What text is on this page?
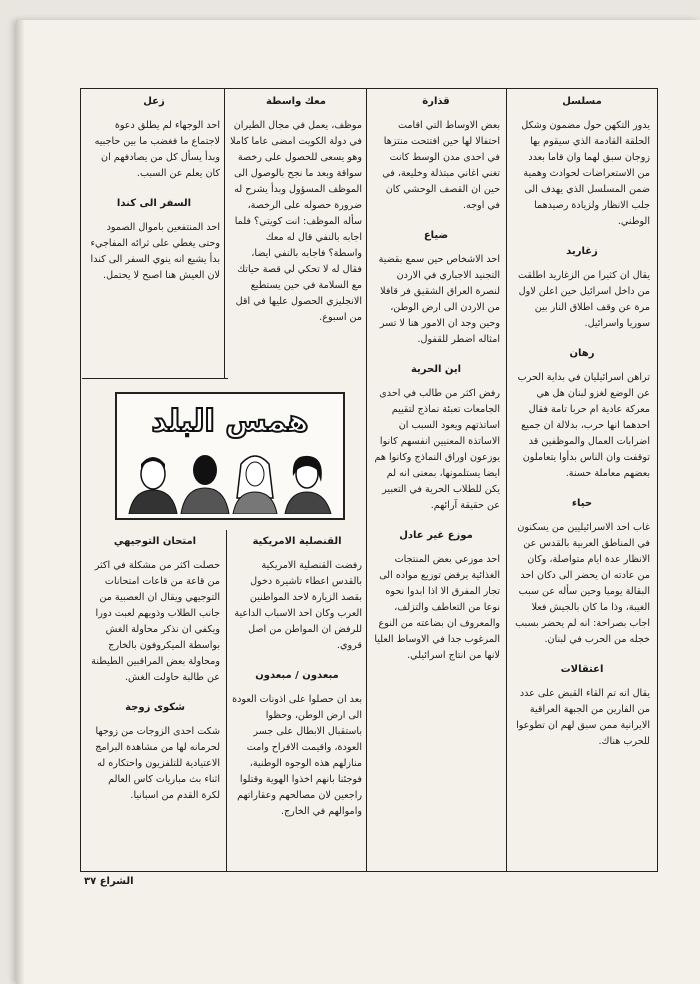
مسلسل

يدور التكهن حول مضمون وشكل الحلقة القادمة الذي سيقوم بها زوجان سبق لهما وان قاما بعدد من الاستعراضات لحوادث وهمية ضمن المسلسل الذي يهدف الى جلب الانظار ولزيادة رصيدهما الوطني.

زغاريد

يقال ان كثيرا من الزغاريد اطلقت من داخل اسرائيل حين اعلن لاول مرة عن وقف اطلاق النار بين سوريا واسرائيل.

رهان

تراهن اسرائيليان في بداية الحرب عن الوضع لغزو لبنان هل هي معركة عادية ام حربا تامة فقال احدهما انها حرب، بدلالة ان جميع اضرابات العمال والموظفين قد توقفت وان الناس بدأوا يتعاملون بعضهم معاملة حسنة.

حياء

غاب احد الاسرائيليين من يسكنون في المناطق العربية بالقدس عن الانظار عدة ايام متواصلة، وكان من عادته ان يحضر الى دكان احد البقالة يوميا وحين سأله عن سبب الغيبة، وذا ما كان بالجيش فعلا اجاب بصراحة: انه لم يحضر بسبب خجله من الحرب في لبنان.

اعتقالات

يقال انه تم القاء القبض على عدد من الفارين من الجبهة العراقية الايرانية ممن سبق لهم ان تطوعوا للحرب هناك.

قذارة

بعض الاوساط التي اقامت احتفالا لها حين افتتحت منتزها في احدى مدن الوسط كانت تغني اغاني مبتذلة وخليعة، في حين ان القصف الوحشي كان في اوجه.

ضياع

احد الاشخاص حين سمع بقضية التجنيد الاجباري في الاردن لنصرة العراق الشقيق فر قافلا من الاردن الى ارض الوطن، وحين وجد ان الامور هنا لا تسر امثاله اضطر للقفول.

اين الحرية

رفض اكثر من طالب في احدى الجامعات تعبئة نماذج لتقييم اساتذتهم ويعود السبب ان الاساتذة المعنيين انفسهم كانوا يوزعون اوراق النماذج وكانوا هم ايضا يستلمونها، بمعنى انه لم يكن للطلاب الحرية في التعبير عن حقيقة آرائهم.

موزع غير عادل

احد موزعي بعض المنتجات الغذائية يرفض توزيع مواده الى تجار المفرق الا اذا ابدوا نحوه نوعا من التعاطف والتزلف، والمعروف ان بضاعته من النوع المرغوب جدا في الاوساط العليا لانها من انتاج اسرائيلي.

معك واسطة

موظف، يعمل في مجال الطيران في دولة الكويت امضى عاما كاملا وهو يسعى للحصول على رخصة سواقة وبعد ما نجح بالوصول الى الموظف المسؤول وبدأ يشرح له ضرورة حصوله على الرخصة، سأله الموظف: انت كويتي؟ فلما اجابه بالنفي قال له معك واسطة؟ فاجابه بالنفي ايضا، فقال له لا تحكي لي قصة حياتك مع السلامة في حين يستطيع الانجليزي الحصول عليها في اقل من اسبوع.

القنصلية الامريكية

رفضت القنصلية الامريكية بالقدس اعطاء تاشيرة دخول بقصد الزيارة لاحد المواطنين العرب وكان احد الاسباب الداعية للرفض ان المواطن من اصل قروي.

مبعدون / مبعدون

بعد ان حصلوا على اذونات العودة الى ارض الوطن، وحظوا باستقبال الابطال على جسر العودة، واقيمت الافراح وامت منازلهم هذه الوجوه الوطنية، فوجئنا بانهم اخذوا الهوية وقتلوا راجعين لان مصالحهم وعقاراتهم واموالهم في الخارج.

زعل

احد الوجهاء لم يطلق دعوة لاجتماع ما فغضب ما بين حاجبيه وبدأ يسأل كل من يصادفهم ان كان يعلم عن السبب.

السفر الى كندا

احد المنتفعين باموال الصمود وحتى يغطي على ثرائه المفاجيء بدأ يشيع انه ينوي السفر الى كندا لان العيش هنا اصبح لا يحتمل.

امتحان التوجيهي

حصلت اكثر من مشكلة في اكثر من قاعة من قاعات امتحانات التوجيهي ويقال ان العصبية من جانب الطلاب وذويهم لعبت دورا ويكفي ان نذكر محاولة الغش بواسطة الميكروفون بالخارج ومحاولة بعض المراقبين الطيطنة عن طالبة حاولت الغش.

شكوى زوجة

شكت احدى الزوجات من زوجها لحرمانه لها من مشاهدة البرامج الاعتيادية للتلفزيون واحتكاره له اثناء بث مباريات كاس العالم لكرة القدم من اسبانيا.

همس البلد
الشراع ٣٧
